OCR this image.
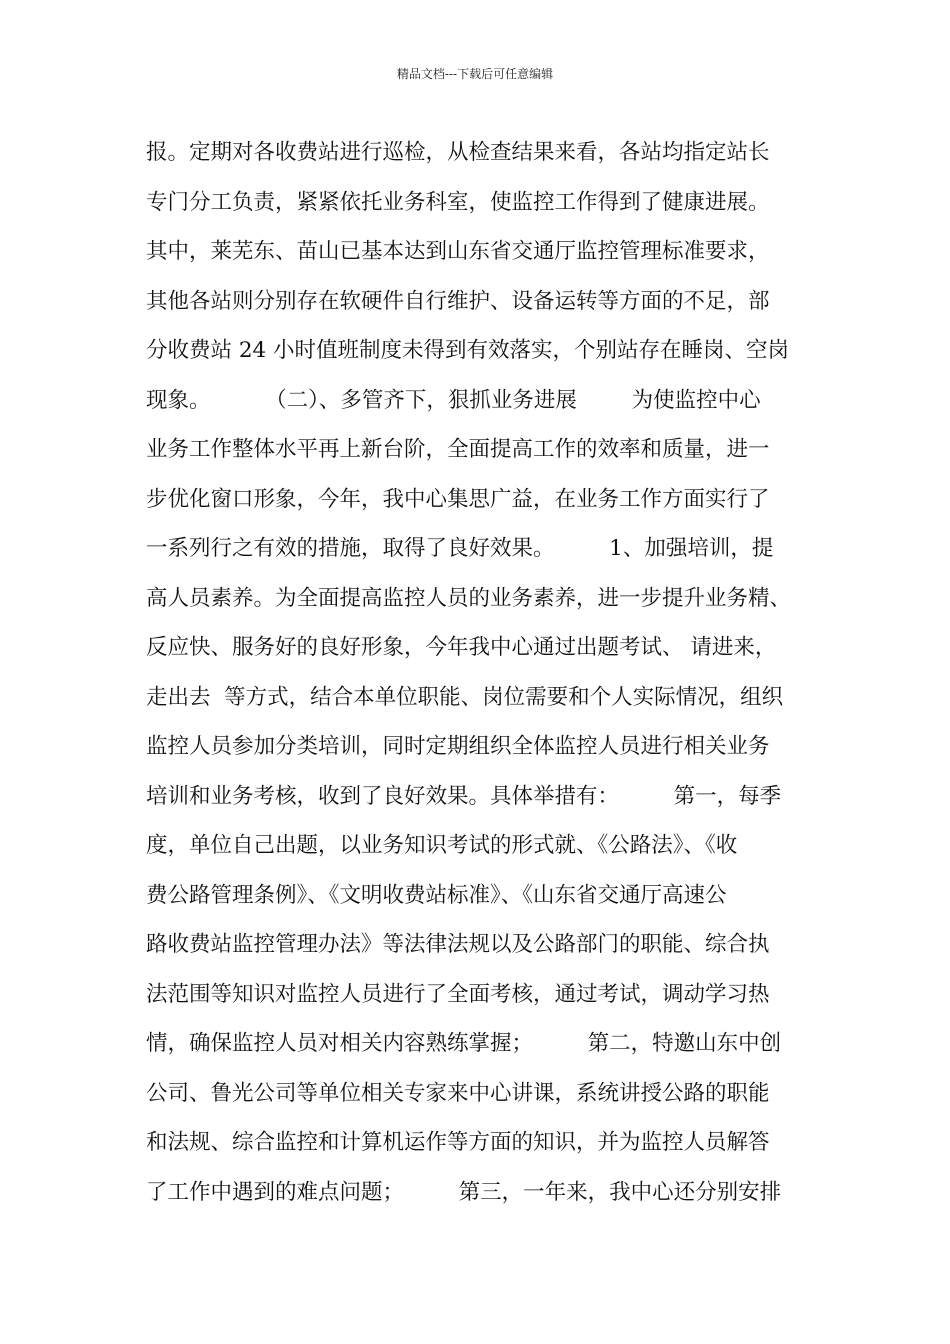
精品文档---下载后可任意编辑
报。定期对各收费站进行巡检，从检查结果来看，各站均指定站长
专门分工负责，紧紧依托业务科室，使监控工作得到了健康进展。
其中，莱芜东、苗山已基本达到山东省交通厅监控管理标准要求，
其他各站则分别存在软硬件自行维护、设备运转等方面的不足，部
分收费站 24 小时值班制度未得到有效落实，个别站存在睡岗、空岗
现象。        （二）、多管齐下，狠抓业务进展        为使监控中心
业务工作整体水平再上新台阶，全面提高工作的效率和质量，进一
步优化窗口形象，今年，我中心集思广益，在业务工作方面实行了
一系列行之有效的措施，取得了良好效果。        1、加强培训，提
高人员素养。为全面提高监控人员的业务素养，进一步提升业务精、
反应快、服务好的良好形象，今年我中心通过出题考试、 请进来，
走出去  等方式，结合本单位职能、岗位需要和个人实际情况，组织
监控人员参加分类培训，同时定期组织全体监控人员进行相关业务
培训和业务考核，收到了良好效果。具体举措有：        第一，每季
度，单位自己出题，以业务知识考试的形式就、《公路法》、《收
费公路管理条例》、《文明收费站标准》、《山东省交通厅高速公
路收费站监控管理办法》等法律法规以及公路部门的职能、综合执
法范围等知识对监控人员进行了全面考核，通过考试，调动学习热
情，确保监控人员对相关内容熟练掌握；        第二，特邀山东中创
公司、鲁光公司等单位相关专家来中心讲课，系统讲授公路的职能
和法规、综合监控和计算机运作等方面的知识，并为监控人员解答
了工作中遇到的难点问题；        第三，一年来，我中心还分别安排
